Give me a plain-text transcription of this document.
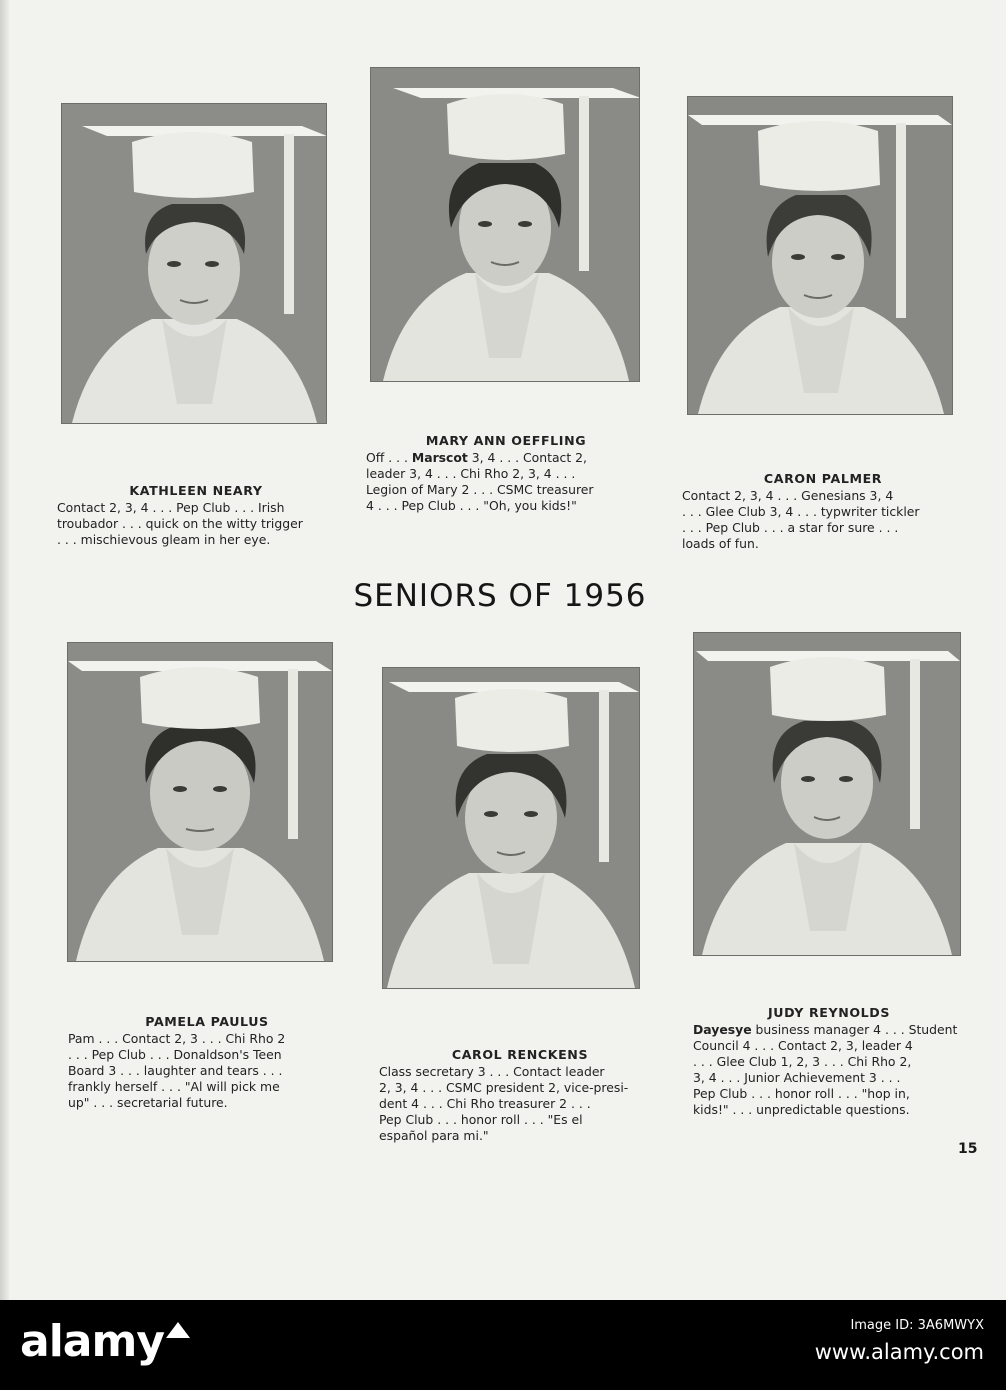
KATHLEEN NEARY
Contact 2, 3, 4 . . . Pep Club . . . Irish
troubador . . . quick on the witty trigger
. . . mischievous gleam in her eye.
MARY ANN OEFFLING
Off . . . Marscot 3, 4 . . . Contact 2,
leader 3, 4 . . . Chi Rho 2, 3, 4 . . .
Legion of Mary 2 . . . CSMC treasurer
4 . . . Pep Club . . . "Oh, you kids!"
CARON PALMER
Contact 2, 3, 4 . . . Genesians 3, 4
. . . Glee Club 3, 4 . . . typwriter tickler
. . . Pep Club . . . a star for sure . . .
loads of fun.
SENIORS OF 1956
PAMELA PAULUS
Pam . . . Contact 2, 3 . . . Chi Rho 2
. . . Pep Club . . . Donaldson's Teen
Board 3 . . . laughter and tears . . .
frankly herself . . . "Al will pick me
up" . . . secretarial future.
CAROL RENCKENS
Class secretary 3 . . . Contact leader
2, 3, 4 . . . CSMC president 2, vice-presi-
dent 4 . . . Chi Rho treasurer 2 . . .
Pep Club . . . honor roll . . . "Es el
español para mi."
JUDY REYNOLDS
Dayesye business manager 4 . . . Student
Council 4 . . . Contact 2, 3, leader 4
. . . Glee Club 1, 2, 3 . . . Chi Rho 2,
3, 4 . . . Junior Achievement 3 . . .
Pep Club . . . honor roll . . . "hop in,
kids!" . . . unpredictable questions.
15
alamy	Image ID: 3A6MWYX
www.alamy.com
